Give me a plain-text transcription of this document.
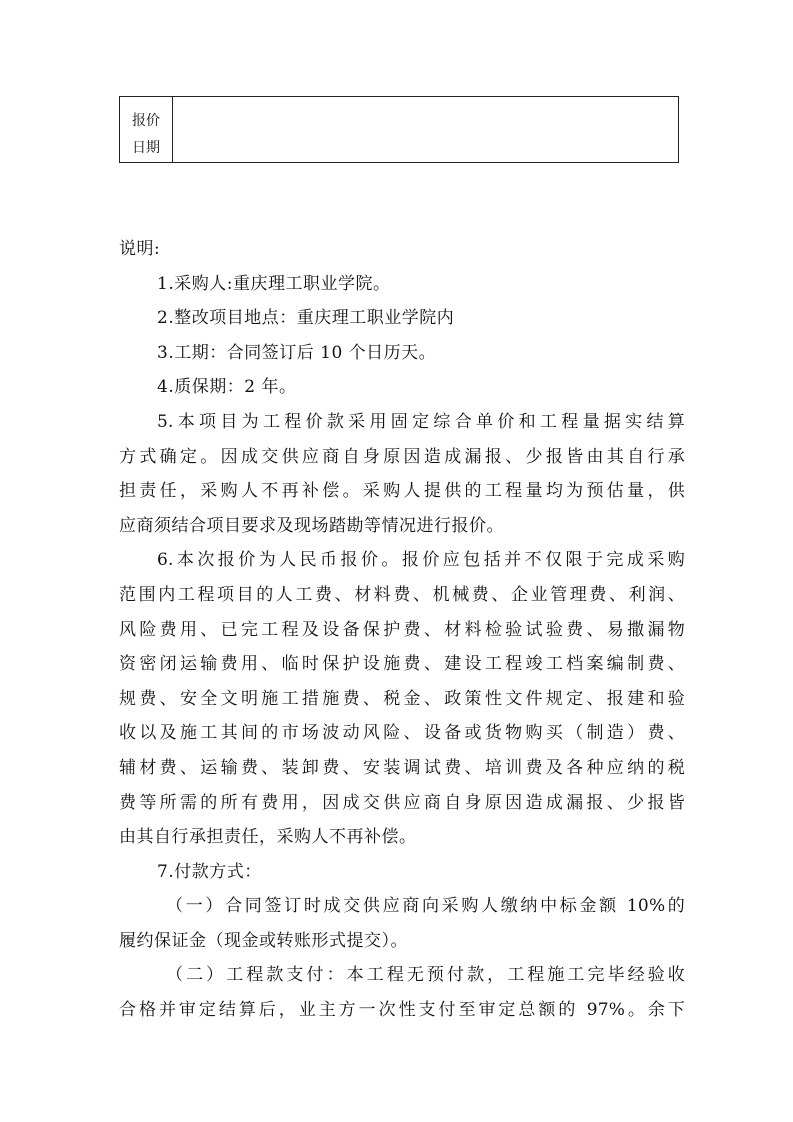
报价
日期
说明:
1.采购人:重庆理工职业学院。
2.整改项目地点：重庆理工职业学院内
3.工期：合同签订后 10 个日历天。
4.质保期：2 年。
5.本项目为工程价款采用固定综合单价和工程量据实结算
方式确定。因成交供应商自身原因造成漏报、少报皆由其自行承
担责任，采购人不再补偿。采购人提供的工程量均为预估量，供
应商须结合项目要求及现场踏勘等情况进行报价。
6.本次报价为人民币报价。报价应包括并不仅限于完成采购
范围内工程项目的人工费、材料费、机械费、企业管理费、利润、
风险费用、已完工程及设备保护费、材料检验试验费、易撒漏物
资密闭运输费用、临时保护设施费、建设工程竣工档案编制费、
规费、安全文明施工措施费、税金、政策性文件规定、报建和验
收以及施工其间的市场波动风险、设备或货物购买（制造）费、
辅材费、运输费、装卸费、安装调试费、培训费及各种应纳的税
费等所需的所有费用，因成交供应商自身原因造成漏报、少报皆
由其自行承担责任，采购人不再补偿。
7.付款方式：
（一）合同签订时成交供应商向采购人缴纳中标金额 10%的
履约保证金（现金或转账形式提交）。
（二）工程款支付：本工程无预付款，工程施工完毕经验收
合格并审定结算后，业主方一次性支付至审定总额的 97%。余下
